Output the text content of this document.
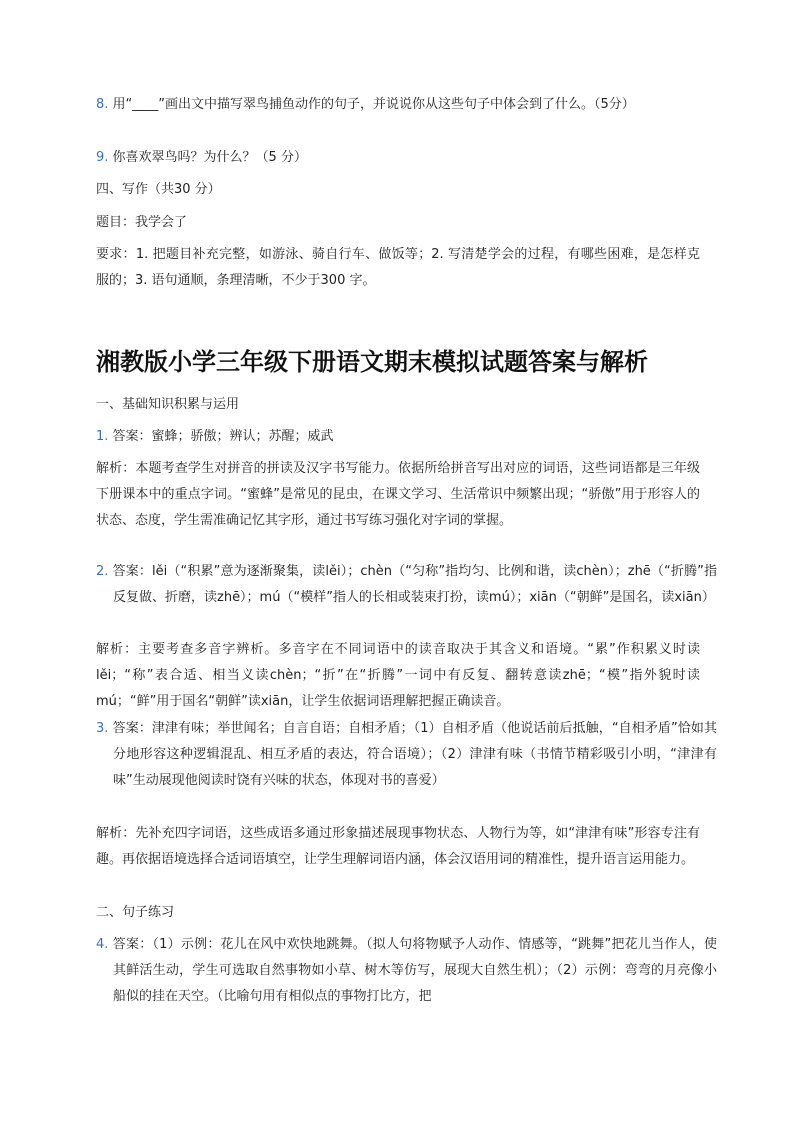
8. 用“____”画出文中描写翠鸟捕鱼动作的句子，并说说你从这些句子中体会到了什么。（5分）

9. 你喜欢翠鸟吗？为什么？（5 分）

四、写作（共30 分）

题目：我学会了

要求：1. 把题目补充完整，如游泳、骑自行车、做饭等；2. 写清楚学会的过程，有哪些困难，是怎样克服的；3. 语句通顺，条理清晰，不少于300 字。

湘教版小学三年级下册语文期末模拟试题答案与解析

一、基础知识积累与运用

1. 答案：蜜蜂；骄傲；辨认；苏醒；威武

解析：本题考查学生对拼音的拼读及汉字书写能力。依据所给拼音写出对应的词语，这些词语都是三年级下册课本中的重点字词。“蜜蜂”是常见的昆虫，在课文学习、生活常识中频繁出现；“骄傲”用于形容人的状态、态度，学生需准确记忆其字形，通过书写练习强化对字词的掌握。

2. 答案：lěi（“积累”意为逐渐聚集，读lěi）；chèn（“匀称”指均匀、比例和谐，读chèn）；zhē（“折腾”指反复做、折磨，读zhē）；mú（“模样”指人的长相或装束打扮，读mú）；xiān（“朝鲜”是国名，读xiān）

解析：主要考查多音字辨析。多音字在不同词语中的读音取决于其含义和语境。“累”作积累义时读lěi；“称”表合适、相当义读chèn；“折”在“折腾”一词中有反复、翻转意读zhē；“模”指外貌时读mú；“鲜”用于国名“朝鲜”读xiān，让学生依据词语理解把握正确读音。

3. 答案：津津有味；举世闻名；自言自语；自相矛盾；（1）自相矛盾（他说话前后抵触，“自相矛盾”恰如其分地形容这种逻辑混乱、相互矛盾的表达，符合语境）；（2）津津有味（书情节精彩吸引小明，“津津有味”生动展现他阅读时饶有兴味的状态，体现对书的喜爱）

解析：先补充四字词语，这些成语多通过形象描述展现事物状态、人物行为等，如“津津有味”形容专注有趣。再依据语境选择合适词语填空，让学生理解词语内涵，体会汉语用词的精准性，提升语言运用能力。

二、句子练习

4. 答案：（1）示例：花儿在风中欢快地跳舞。（拟人句将物赋予人动作、情感等，“跳舞”把花儿当作人，使其鲜活生动，学生可选取自然事物如小草、树木等仿写，展现大自然生机）；（2）示例：弯弯的月亮像小船似的挂在天空。（比喻句用有相似点的事物打比方，把
